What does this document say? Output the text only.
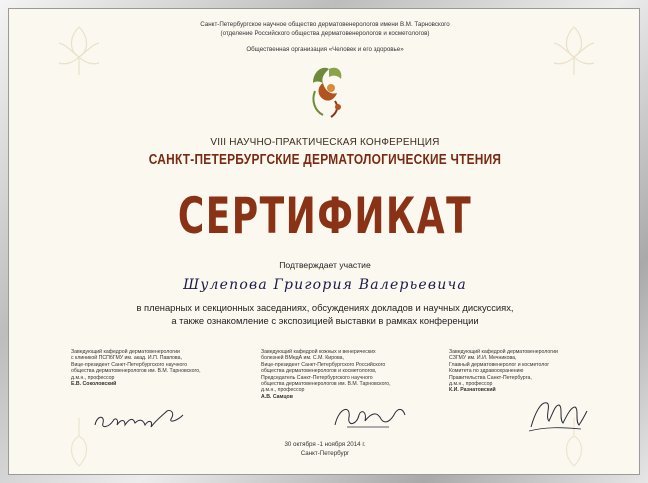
Санкт-Петербургское научное общество дерматовенерологов имени В.М. Тарновского
(отделение Российского общества дерматовенерологов и косметологов)
Общественная организация «Человек и его здоровье»
VIII НАУЧНО-ПРАКТИЧЕСКАЯ КОНФЕРЕНЦИЯ
САНКТ-ПЕТЕРБУРГСКИЕ ДЕРМАТОЛОГИЧЕСКИЕ ЧТЕНИЯ
СЕРТИФИКАТ
Подтверждает участие
Шулепова Григория Валерьевича
в пленарных и секционных заседаниях, обсуждениях докладов и научных дискуссиях,
а также ознакомление с экспозицией выставки в рамках конференции
Заведующий кафедрой дерматовенерологии
с клиникой ПСПбГМУ им. акад. И.П. Павлова,
Вице-президент Санкт-Петербургского научного
общества дерматовенерологов им. В.М. Тарновского,
д.м.н., профессор
Е.В. Соколовский
Заведующий кафедрой кожных и венерических
болезней ВМедА им. С.М. Кирова,
Вице-президент Санкт-Петербургского Российского
общества дерматовенерологов и косметологов,
Председатель Санкт-Петербургского научного
общества дерматовенерологов им. В.М. Тарновского,
д.м.н., профессор
А.В. Самцов
Заведующий кафедрой дерматовенерологии
СЗГМУ им. И.И. Мечникова,
Главный дерматовенеролог и косметолог
Комитета по здравоохранению
Правительства Санкт-Петербурга,
д.м.н., профессор
К.И. Разнатовский
30 октября -1 ноября 2014 г.
Санкт-Петербург
